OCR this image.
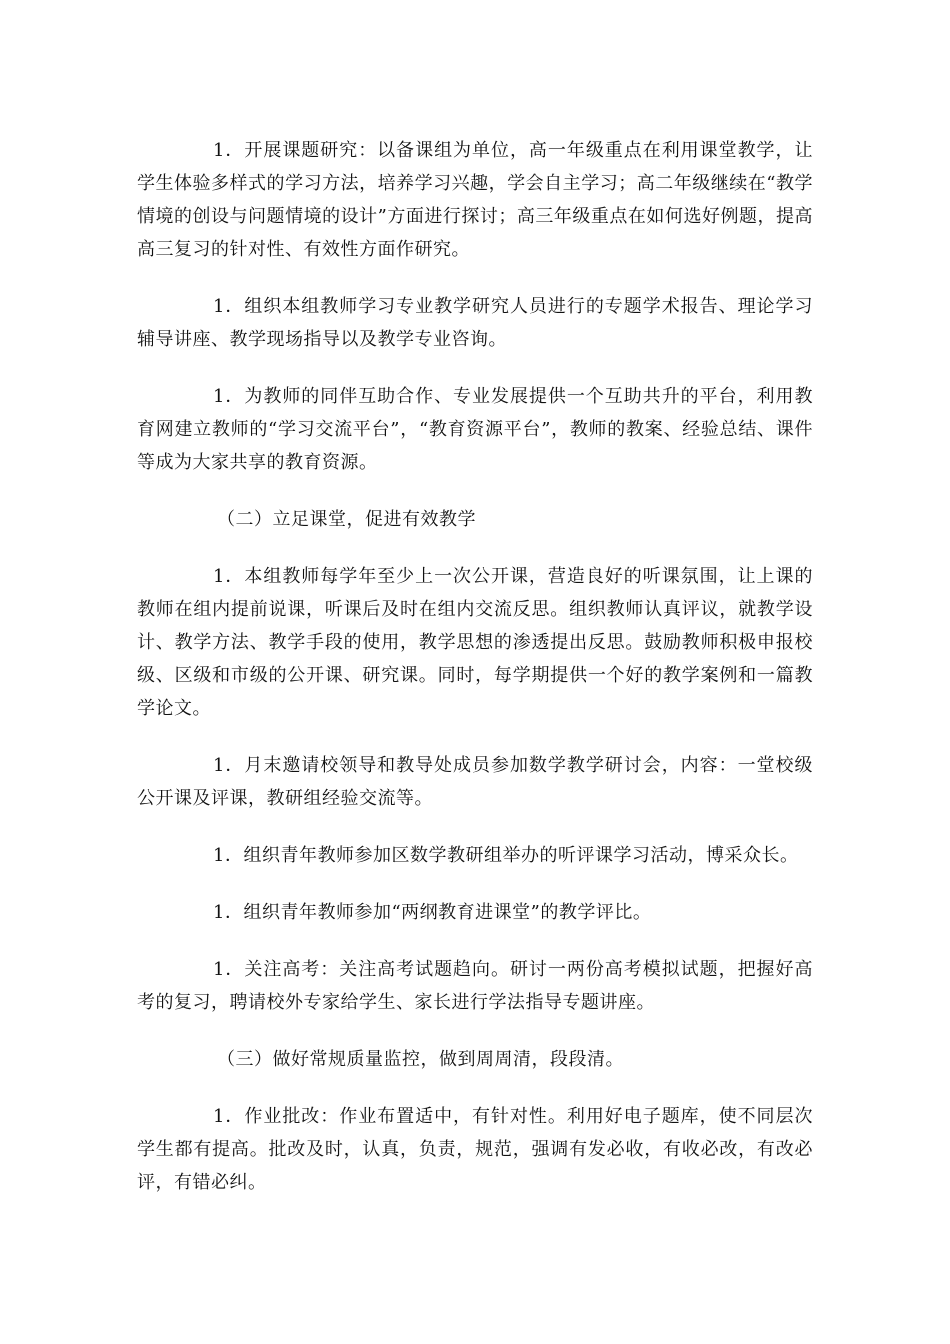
1．开展课题研究：以备课组为单位，高一年级重点在利用课堂教学，让学生体验多样式的学习方法，培养学习兴趣，学会自主学习；高二年级继续在“教学情境的创设与问题情境的设计”方面进行探讨；高三年级重点在如何选好例题，提高高三复习的针对性、有效性方面作研究。

1．组织本组教师学习专业教学研究人员进行的专题学术报告、理论学习辅导讲座、教学现场指导以及教学专业咨询。

1．为教师的同伴互助合作、专业发展提供一个互助共升的平台，利用教育网建立教师的“学习交流平台”，“教育资源平台”，教师的教案、经验总结、课件等成为大家共享的教育资源。

（二）立足课堂，促进有效教学

1．本组教师每学年至少上一次公开课，营造良好的听课氛围，让上课的教师在组内提前说课，听课后及时在组内交流反思。组织教师认真评议，就教学设计、教学方法、教学手段的使用，教学思想的渗透提出反思。鼓励教师积极申报校级、区级和市级的公开课、研究课。同时，每学期提供一个好的教学案例和一篇教学论文。

1．月末邀请校领导和教导处成员参加数学教学研讨会，内容：一堂校级公开课及评课，教研组经验交流等。

1．组织青年教师参加区数学教研组举办的听评课学习活动，博采众长。

1．组织青年教师参加“两纲教育进课堂”的教学评比。

1．关注高考：关注高考试题趋向。研讨一两份高考模拟试题，把握好高考的复习，聘请校外专家给学生、家长进行学法指导专题讲座。

（三）做好常规质量监控，做到周周清，段段清。

1．作业批改：作业布置适中，有针对性。利用好电子题库，使不同层次学生都有提高。批改及时，认真，负责，规范，强调有发必收，有收必改，有改必评，有错必纠。
